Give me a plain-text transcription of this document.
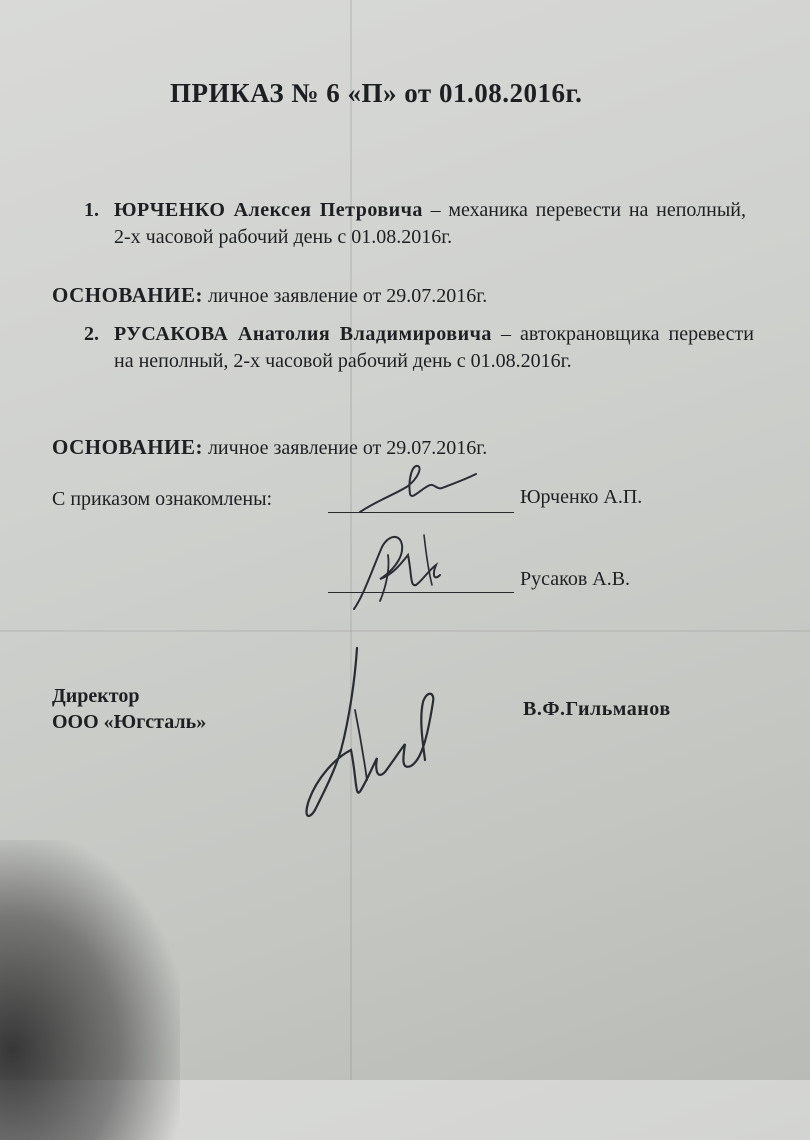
ПРИКАЗ № 6 «П» от 01.08.2016г.
1. ЮРЧЕНКО Алексея Петровича – механика перевести на неполный, 2-х часовой рабочий день с 01.08.2016г.
ОСНОВАНИЕ: личное заявление от 29.07.2016г.
2. РУСАКОВА Анатолия Владимировича – автокрановщика перевести на неполный, 2-х часовой рабочий день с 01.08.2016г.
ОСНОВАНИЕ: личное заявление от 29.07.2016г.
С приказом ознакомлены:	Юрченко А.П.
Русаков А.В.
Директор
ООО «Югсталь»
В.Ф.Гильманов
